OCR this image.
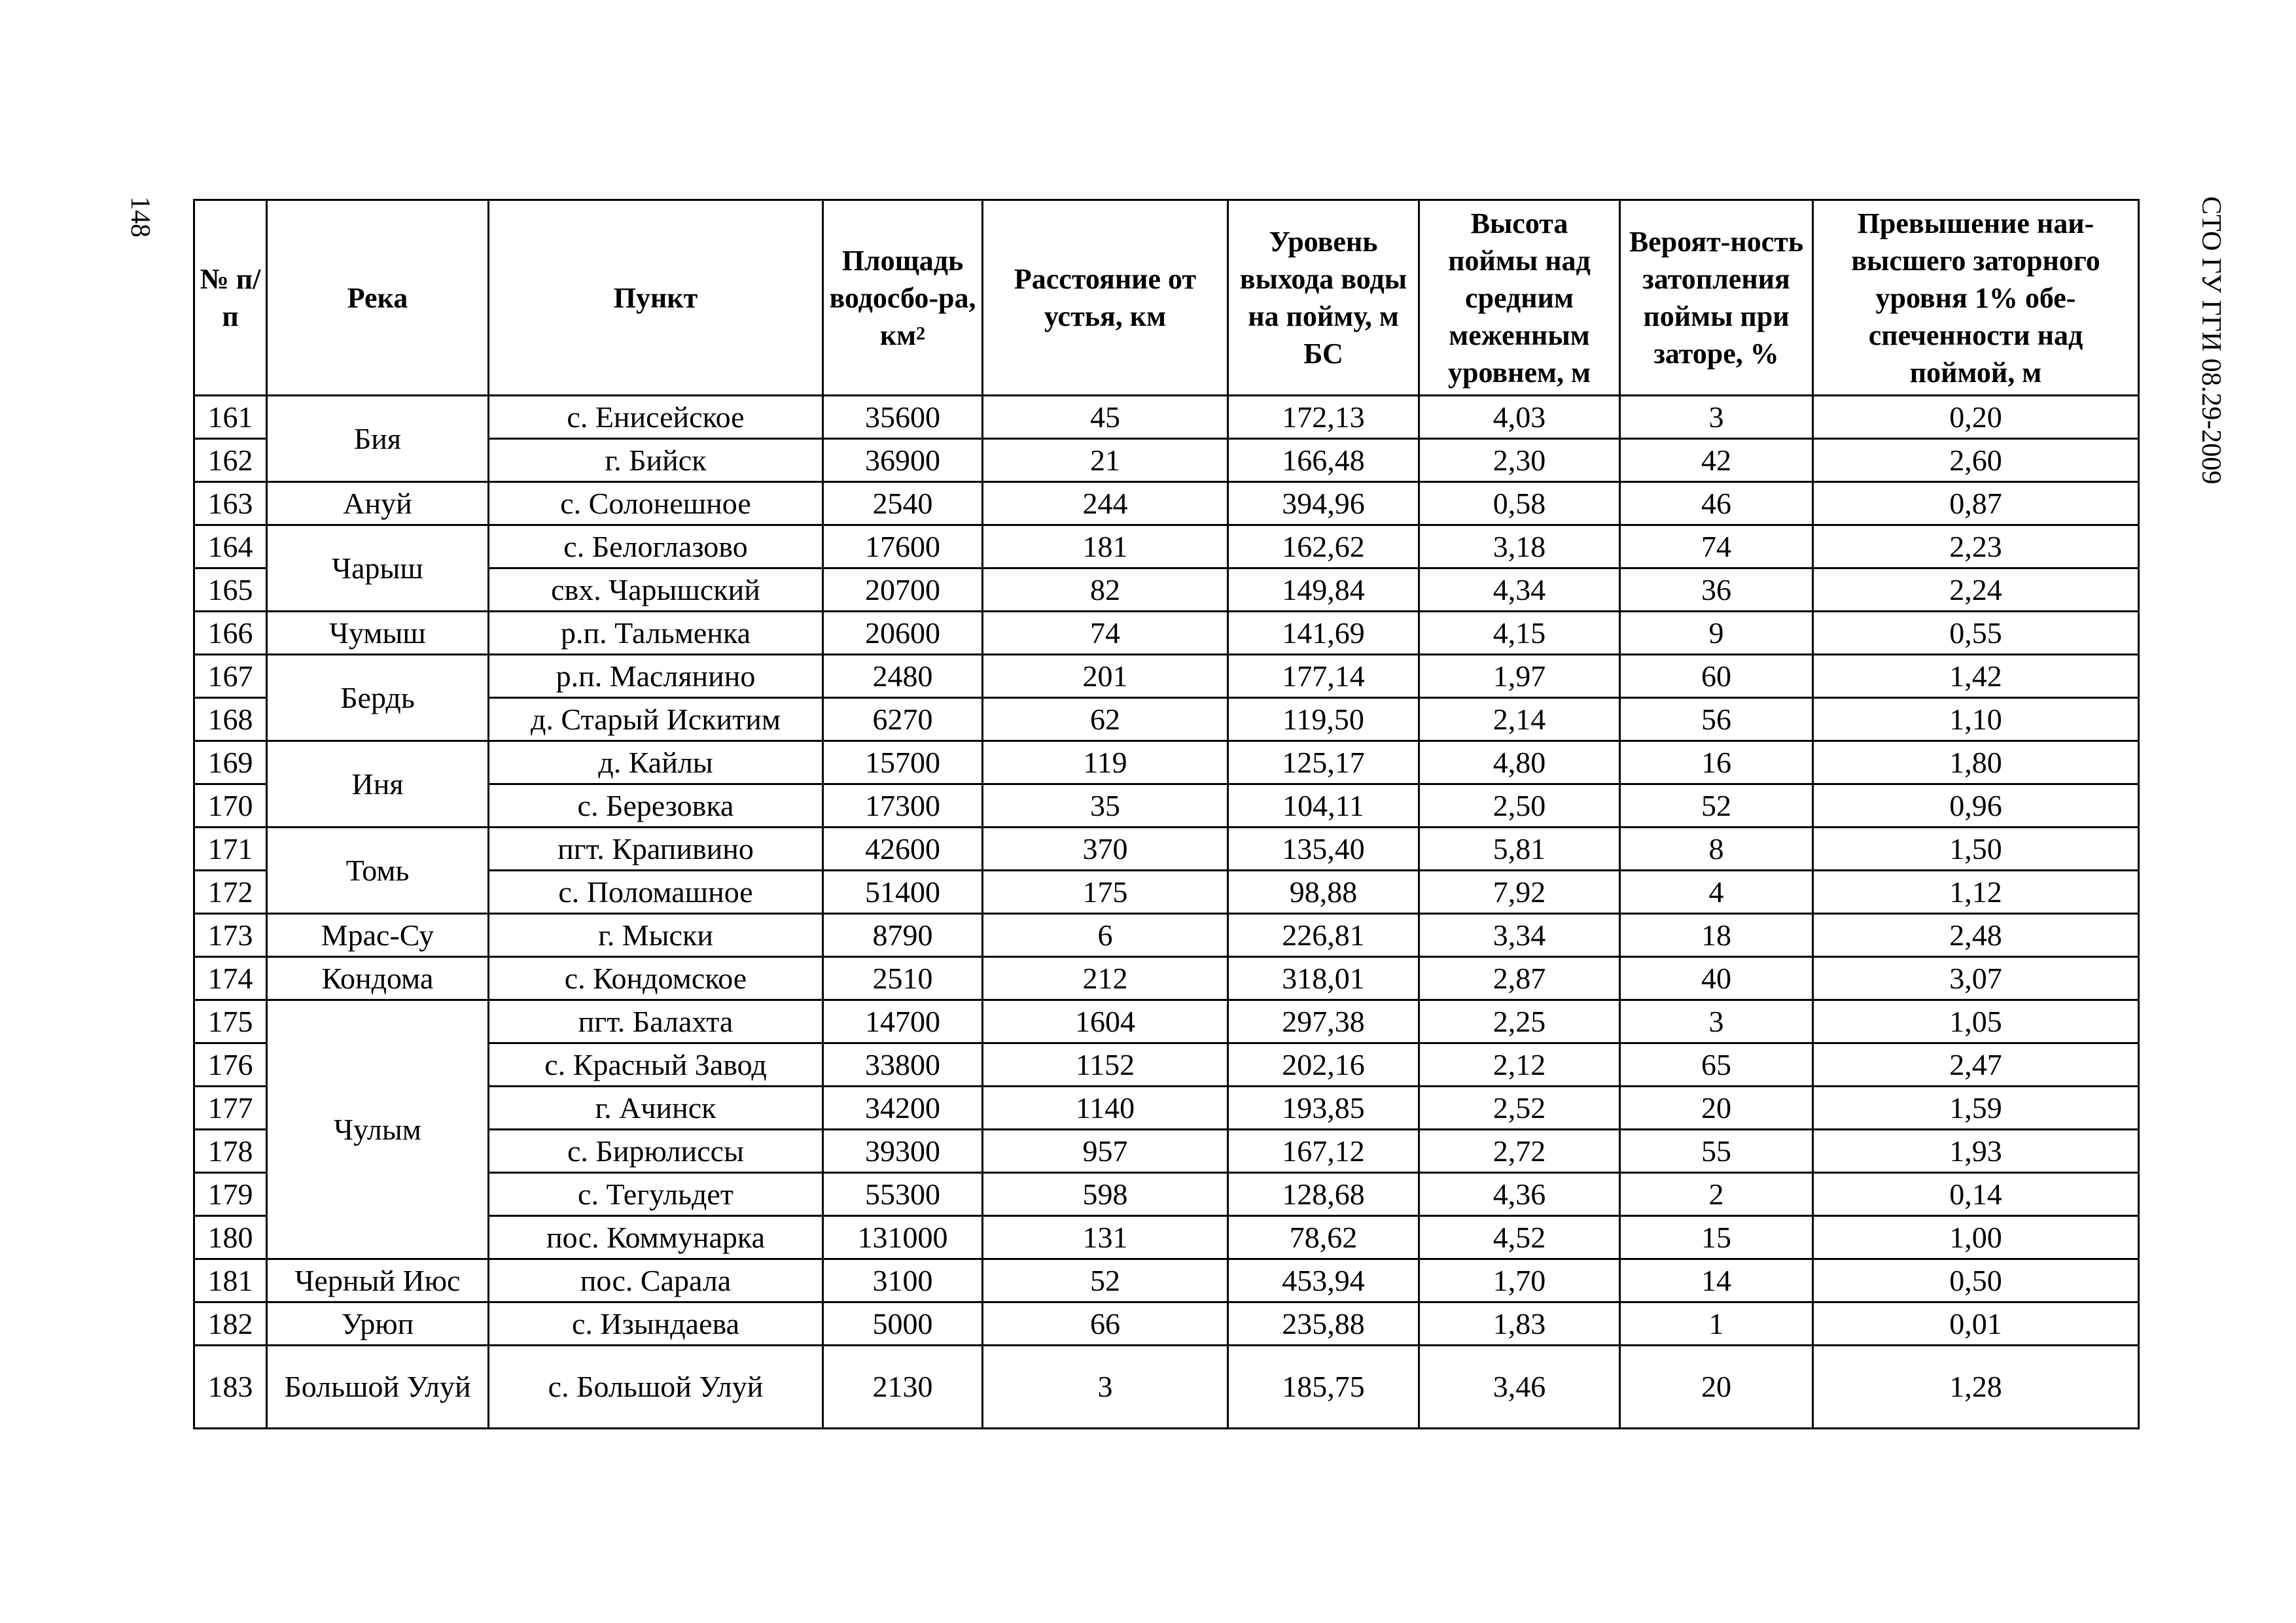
148	СТО ГУ ГГИ 08.29-2009
№ п/п	Река	Пункт	Площадь водосбо-ра, $км^2$	Расстояние от устья, км	Уровень выхода воды на пойму, м БС	Высота поймы над средним меженным уровнем, м	Вероят-ность затопления поймы при заторе, %	Превышение наи-высшего заторного уровня 1% обе-спеченности над поймой, м
161	Бия	с. Енисейское	35600	45	172,13	4,03	3	0,20
162		г. Бийск	36900	21	166,48	2,30	42	2,60
163	Ануй	с. Солонешное	2540	244	394,96	0,58	46	0,87
164	Чарыш	с. Белоглазово	17600	181	162,62	3,18	74	2,23
165		свх. Чарышский	20700	82	149,84	4,34	36	2,24
166	Чумыш	р.п. Тальменка	20600	74	141,69	4,15	9	0,55
167	Бердь	р.п. Маслянино	2480	201	177,14	1,97	60	1,42
168		д. Старый Искитим	6270	62	119,50	2,14	56	1,10
169	Иня	д. Кайлы	15700	119	125,17	4,80	16	1,80
170		с. Березовка	17300	35	104,11	2,50	52	0,96
171	Томь	пгт. Крапивино	42600	370	135,40	5,81	8	1,50
172		с. Поломашное	51400	175	98,88	7,92	4	1,12
173	Мрас-Су	г. Мыски	8790	6	226,81	3,34	18	2,48
174	Кондома	с. Кондомское	2510	212	318,01	2,87	40	3,07
175	Чулым	пгт. Балахта	14700	1604	297,38	2,25	3	1,05
176		с. Красный Завод	33800	1152	202,16	2,12	65	2,47
177		г. Ачинск	34200	1140	193,85	2,52	20	1,59
178		с. Бирюлиссы	39300	957	167,12	2,72	55	1,93
179		с. Тегульдет	55300	598	128,68	4,36	2	0,14
180		пос. Коммунарка	131000	131	78,62	4,52	15	1,00
181	Черный Июс	пос. Сарала	3100	52	453,94	1,70	14	0,50
182	Урюп	с. Изындаева	5000	66	235,88	1,83	1	0,01
183	Большой Улуй	с. Большой Улуй	2130	3	185,75	3,46	20	1,28
